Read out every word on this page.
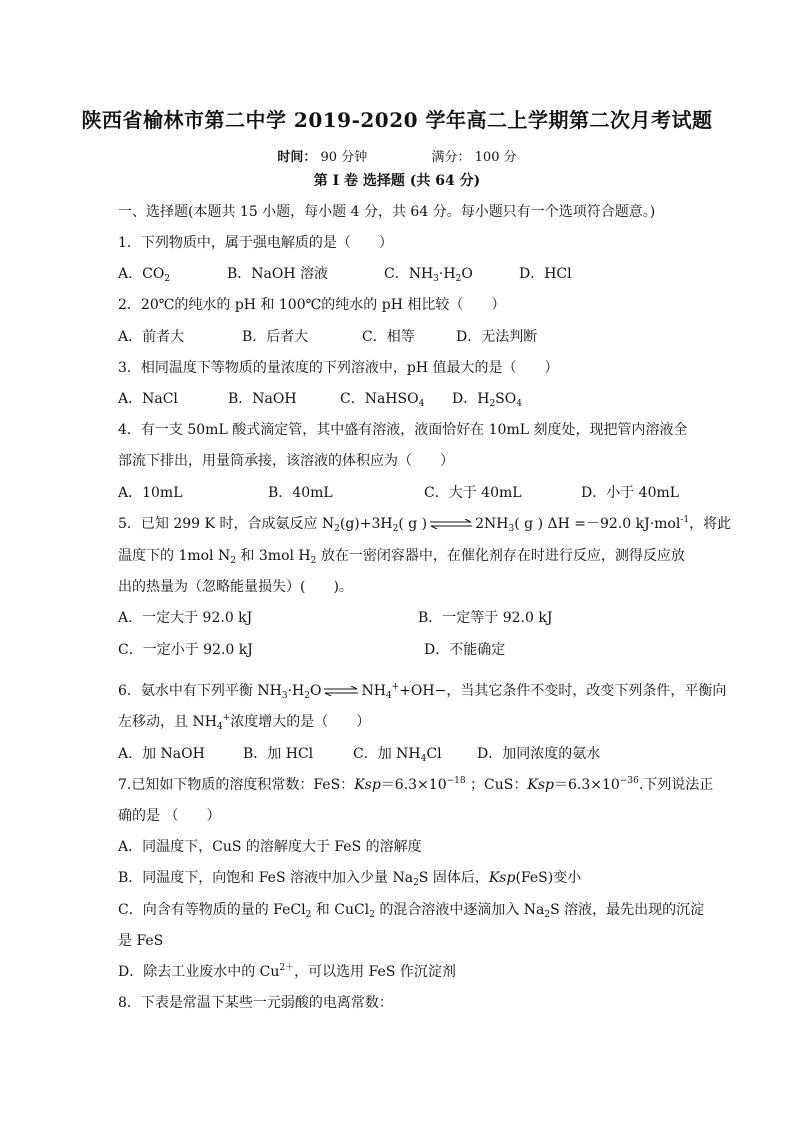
陕西省榆林市第二中学 2019-2020 学年高二上学期第二次月考试题
时间： 90 分钟	满分： 100 分
第 I 卷 选择题 (共 64 分)
一、选择题(本题共 15 小题，每小题 4 分，共 64 分。每小题只有一个选项符合题意。)
1．下列物质中，属于强电解质的是（　　）
A．$CO_2$	B．NaOH 溶液	C．$NH_3\cdot H_2O$	D．HCl
2．20℃的纯水的 pH 和 100℃的纯水的 pH 相比较（　　）
A．前者大	B．后者大	C．相等	D．无法判断
3．相同温度下等物质的量浓度的下列溶液中，pH 值最大的是（　　）
A．NaCl	B．NaOH	C．NaHSO$_4$ D．$H_2SO_4$
4．有一支 50mL 酸式滴定管，其中盛有溶液，液面恰好在 10mL 刻度处，现把管内溶液全
部流下排出，用量筒承接，该溶液的体积应为（　　）
A．10mL	B．40mL	C．大于 40mL	D．小于 40mL
5．已知 299 K 时，合成氨反应 $N_2(g)+3H_2$( g ) ⇌ $2NH_3$( g ) ΔH =－92.0 kJ·mol$^{-1}$，将此
温度下的 1mol $N_2$ 和 3mol $H_2$ 放在一密闭容器中，在催化剂存在时进行反应，测得反应放
出的热量为（忽略能量损失）(　　)。
A．一定大于 92.0 kJ	B．一定等于 92.0 kJ
C．一定小于 92.0 kJ	D．不能确定
6．氨水中有下列平衡 $NH_3\cdot H_2O$ ⇌ $NH_4^++OH-$，当其它条件不变时，改变下列条件，平衡向
左移动，且 $NH_4^+$浓度增大的是（　　）
A．加 NaOH	B．加 HCl	C．加 $NH_4Cl$	D．加同浓度的氨水
7.已知如下物质的溶度积常数：FeS：$Ksp=6.3\times 10^{-18}$ ；CuS：$Ksp=6.3\times 10^{-36}$.下列说法正
确的是 （　　）
A．同温度下，CuS 的溶解度大于 FeS 的溶解度
B．同温度下，向饱和 FeS 溶液中加入少量 $Na_2S$ 固体后，Ksp(FeS)变小
C．向含有等物质的量的 FeCl$_2$ 和 CuCl$_2$ 的混合溶液中逐滴加入 $Na_2S$ 溶液，最先出现的沉淀
是 FeS
D．除去工业废水中的 $Cu^{2+}$，可以选用 FeS 作沉淀剂
8．下表是常温下某些一元弱酸的电离常数：
